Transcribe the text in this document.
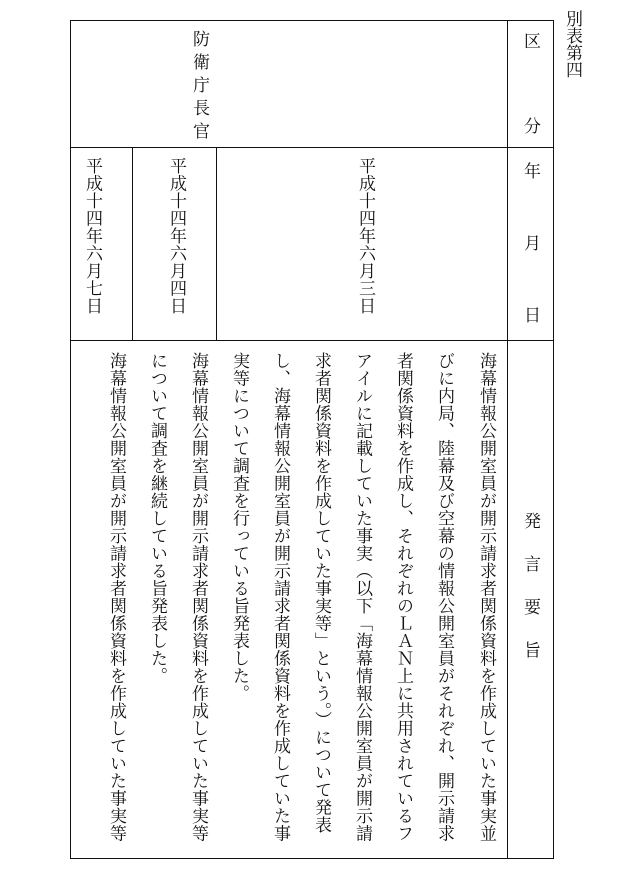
別表第四
区
分
年
月
日
発言要旨
防衛庁長官
平成十四年六月三日
平成十四年六月四日
平成十四年六月七日
海幕情報公開室員が開示請求者関係資料を作成していた事実並
びに内局、陸幕及び空幕の情報公開室員がそれぞれ、開示請求
者関係資料を作成し、それぞれのＬＡＮ上に共用されているフ
アイルに記載していた事実（以下「海幕情報公開室員が開示請
求者関係資料を作成していた事実等」という。）について発表
し、海幕情報公開室員が開示請求者関係資料を作成していた事
実等について調査を行っている旨発表した。
海幕情報公開室員が開示請求者関係資料を作成していた事実等
について調査を継続している旨発表した。
海幕情報公開室員が開示請求者関係資料を作成していた事実等
